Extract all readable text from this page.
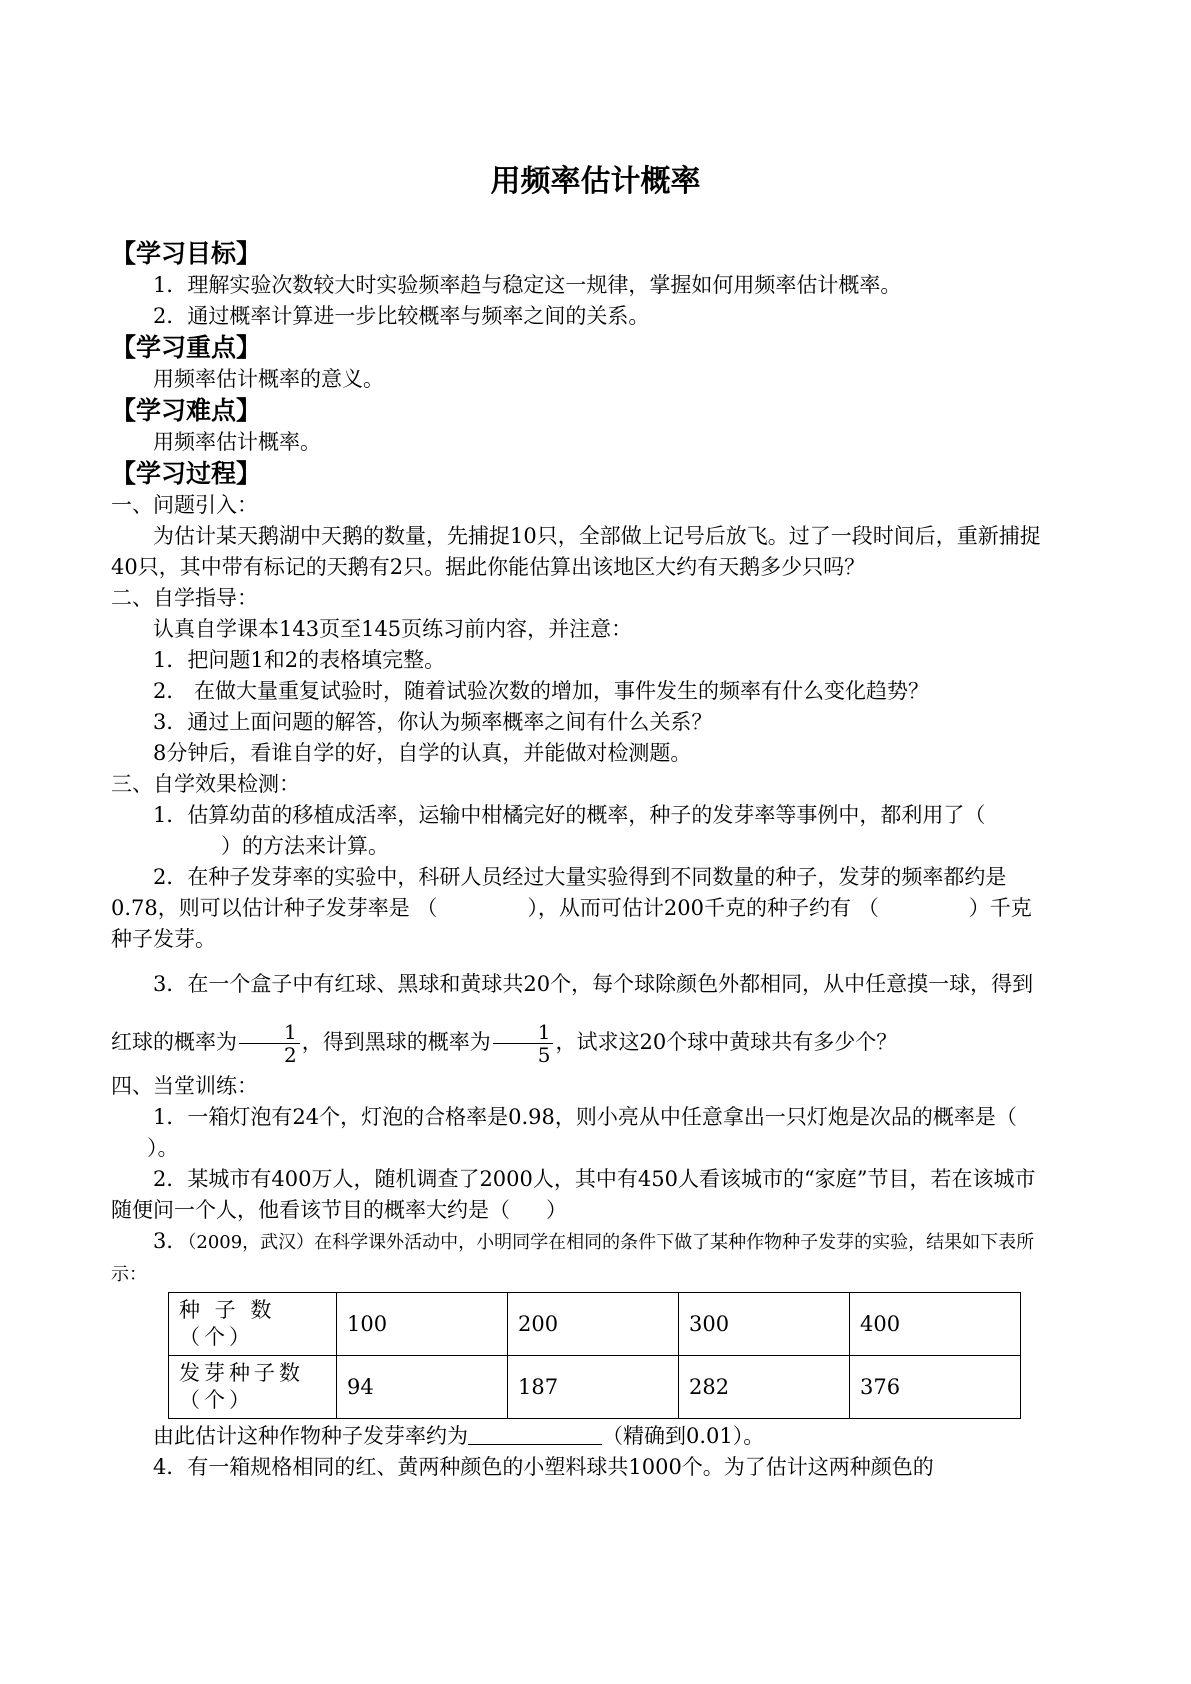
用频率估计概率

【学习目标】

1．理解实验次数较大时实验频率趋与稳定这一规律，掌握如何用频率估计概率。

2．通过概率计算进一步比较概率与频率之间的关系。

【学习重点】

用频率估计概率的意义。

【学习难点】

用频率估计概率。

【学习过程】

一、问题引入：

为估计某天鹅湖中天鹅的数量，先捕捉10只，全部做上记号后放飞。过了一段时间后，重新捕捉40只，其中带有标记的天鹅有2只。据此你能估算出该地区大约有天鹅多少只吗？

二、自学指导：

认真自学课本143页至145页练习前内容，并注意：

1．把问题1和2的表格填完整。

2． 在做大量重复试验时，随着试验次数的增加，事件发生的频率有什么变化趋势？

3．通过上面问题的解答，你认为频率概率之间有什么关系？

8分钟后，看谁自学的好，自学的认真，并能做对检测题。

三、自学效果检测：

1．估算幼苗的移植成活率，运输中柑橘完好的概率，种子的发芽率等事例中，都利用了（）的方法来计算。

2．在种子发芽率的实验中，科研人员经过大量实验得到不同数量的种子，发芽的频率都约是0.78，则可以估计种子发芽率是 （	），从而可估计200千克的种子约有 （	）千克种子发芽。

3．在一个盒子中有红球、黑球和黄球共20个，每个球除颜色外都相同，从中任意摸一球，得到红球的概率为 $\frac{1}{2}$ ，得到黑球的概率为 $\frac{1}{5}$ ，试求这20个球中黄球共有多少个？

四、当堂训练：

1．一箱灯泡有24个，灯泡的合格率是0.98，则小亮从中任意拿出一只灯炮是次品的概率是（）。

2．某城市有400万人，随机调查了2000人，其中有450人看该城市的“家庭”节目，若在该城市随便问一个人，他看该节目的概率大约是（ ）

3．（2009，武汉）在科学课外活动中，小明同学在相同的条件下做了某种作物种子发芽的实验，结果如下表所示：

种 子 数（个）	100	200	300	400
发芽种子数（个）	94	187	282	376

由此估计这种作物种子发芽率约为	（精确到0.01）。

4．有一箱规格相同的红、黄两种颜色的小塑料球共1000个。为了估计这两种颜色的
